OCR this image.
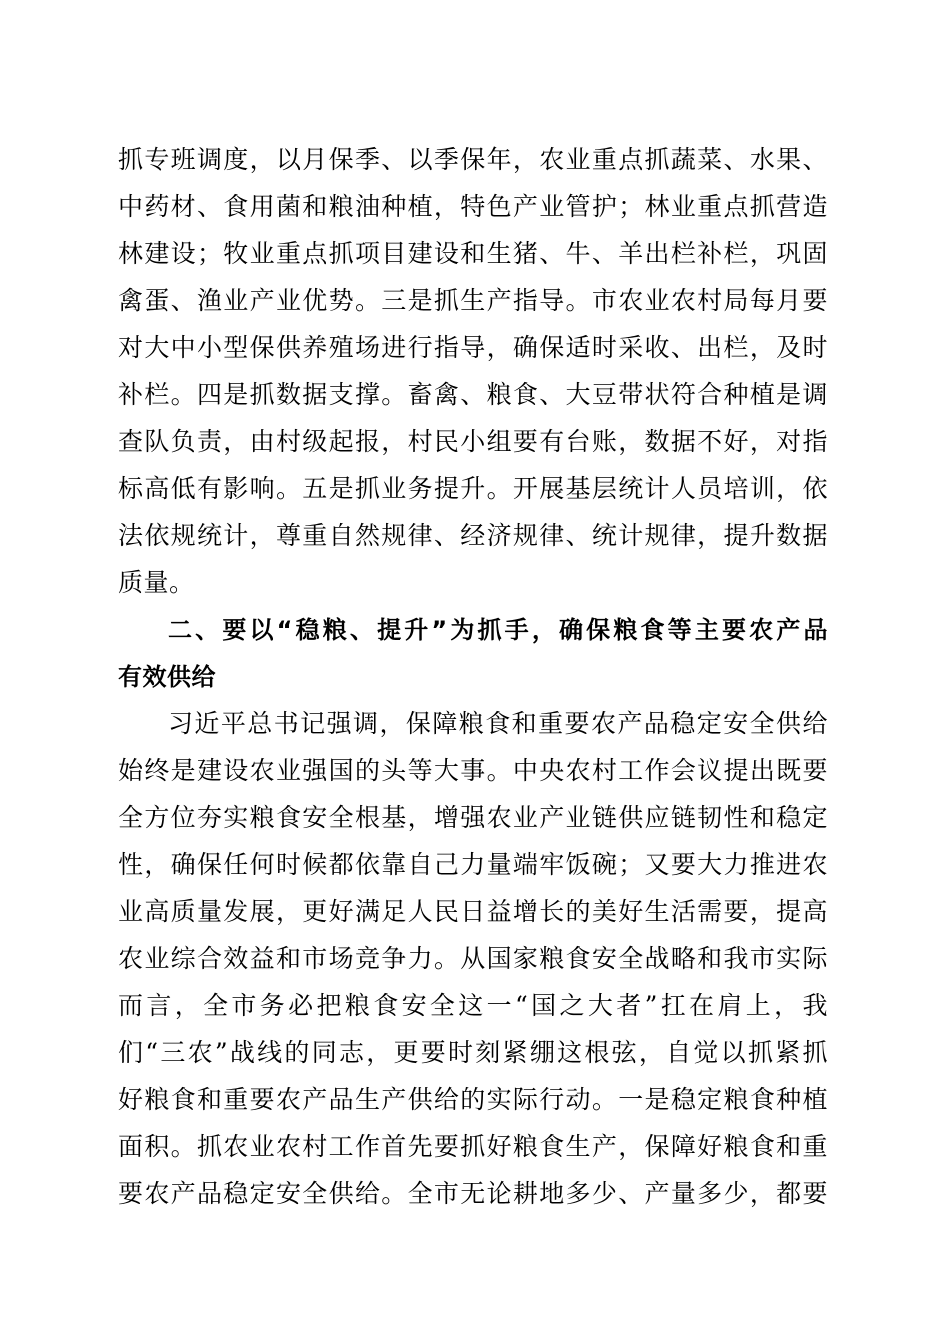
抓专班调度，以月保季、以季保年，农业重点抓蔬菜、水果、
中药材、食用菌和粮油种植，特色产业管护；林业重点抓营造
林建设；牧业重点抓项目建设和生猪、牛、羊出栏补栏，巩固
禽蛋、渔业产业优势。三是抓生产指导。市农业农村局每月要
对大中小型保供养殖场进行指导，确保适时采收、出栏，及时
补栏。四是抓数据支撑。畜禽、粮食、大豆带状符合种植是调
查队负责，由村级起报，村民小组要有台账，数据不好，对指
标高低有影响。五是抓业务提升。开展基层统计人员培训，依
法依规统计，尊重自然规律、经济规律、统计规律，提升数据
质量。
二、要以“稳粮、提升”为抓手，确保粮食等主要农产品
有效供给
习近平总书记强调，保障粮食和重要农产品稳定安全供给
始终是建设农业强国的头等大事。中央农村工作会议提出既要
全方位夯实粮食安全根基，增强农业产业链供应链韧性和稳定
性，确保任何时候都依靠自己力量端牢饭碗；又要大力推进农
业高质量发展，更好满足人民日益增长的美好生活需要，提高
农业综合效益和市场竞争力。从国家粮食安全战略和我市实际
而言，全市务必把粮食安全这一“国之大者”扛在肩上，我
们“三农”战线的同志，更要时刻紧绷这根弦，自觉以抓紧抓
好粮食和重要农产品生产供给的实际行动。一是稳定粮食种植
面积。抓农业农村工作首先要抓好粮食生产，保障好粮食和重
要农产品稳定安全供给。全市无论耕地多少、产量多少，都要
